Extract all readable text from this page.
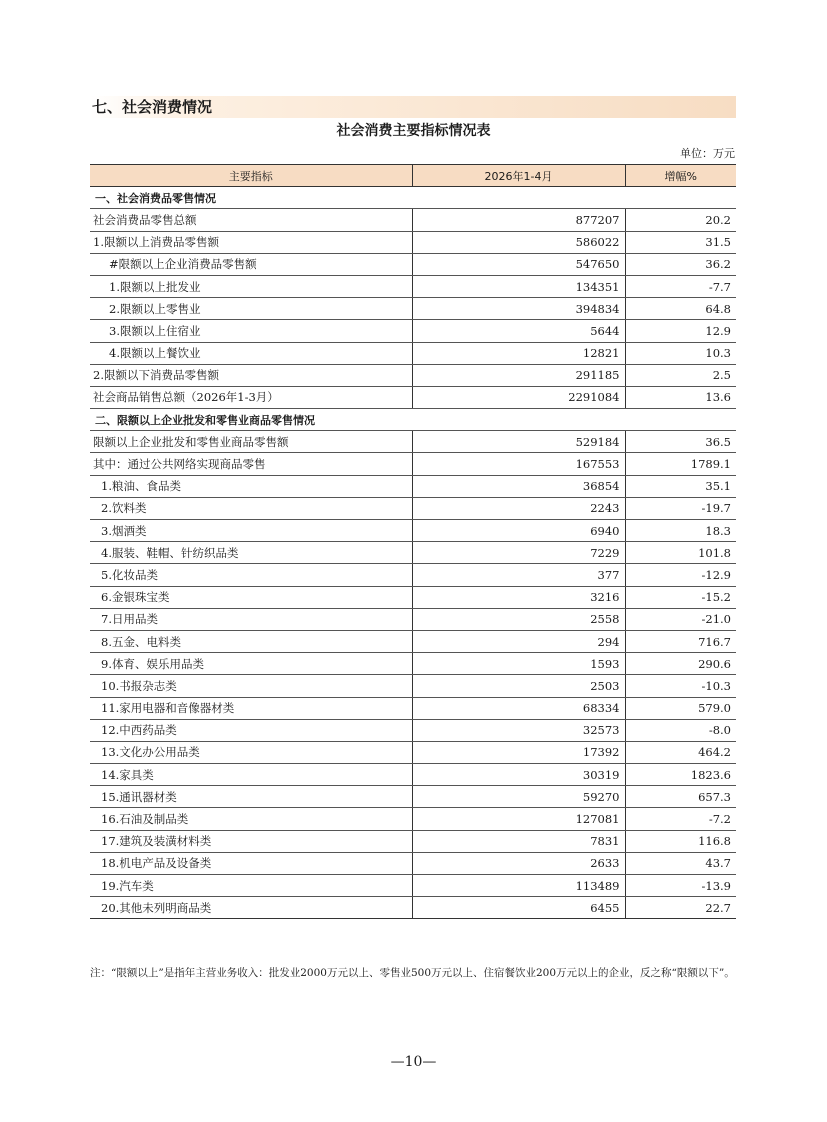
七、社会消费情况
社会消费主要指标情况表
单位：万元
主要指标	2026年1-4月	增幅%
一、社会消费品零售情况		
社会消费品零售总额	877207	20.2
1.限额以上消费品零售额	586022	31.5
#限额以上企业消费品零售额	547650	36.2
1.限额以上批发业	134351	-7.7
2.限额以上零售业	394834	64.8
3.限额以上住宿业	5644	12.9
4.限额以上餐饮业	12821	10.3
2.限额以下消费品零售额	291185	2.5
社会商品销售总额（2026年1-3月）	2291084	13.6
二、限额以上企业批发和零售业商品零售情况		
限额以上企业批发和零售业商品零售额	529184	36.5
其中：通过公共网络实现商品零售	167553	1789.1
1.粮油、食品类	36854	35.1
2.饮料类	2243	-19.7
3.烟酒类	6940	18.3
4.服装、鞋帽、针纺织品类	7229	101.8
5.化妆品类	377	-12.9
6.金银珠宝类	3216	-15.2
7.日用品类	2558	-21.0
8.五金、电料类	294	716.7
9.体育、娱乐用品类	1593	290.6
10.书报杂志类	2503	-10.3
11.家用电器和音像器材类	68334	579.0
12.中西药品类	32573	-8.0
13.文化办公用品类	17392	464.2
14.家具类	30319	1823.6
15.通讯器材类	59270	657.3
16.石油及制品类	127081	-7.2
17.建筑及装潢材料类	7831	116.8
18.机电产品及设备类	2633	43.7
19.汽车类	113489	-13.9
20.其他未列明商品类	6455	22.7
注：“限额以上”是指年主营业务收入：批发业2000万元以上、零售业500万元以上、住宿餐饮业200万元以上的企业，反之称“限额以下”。
—10—
